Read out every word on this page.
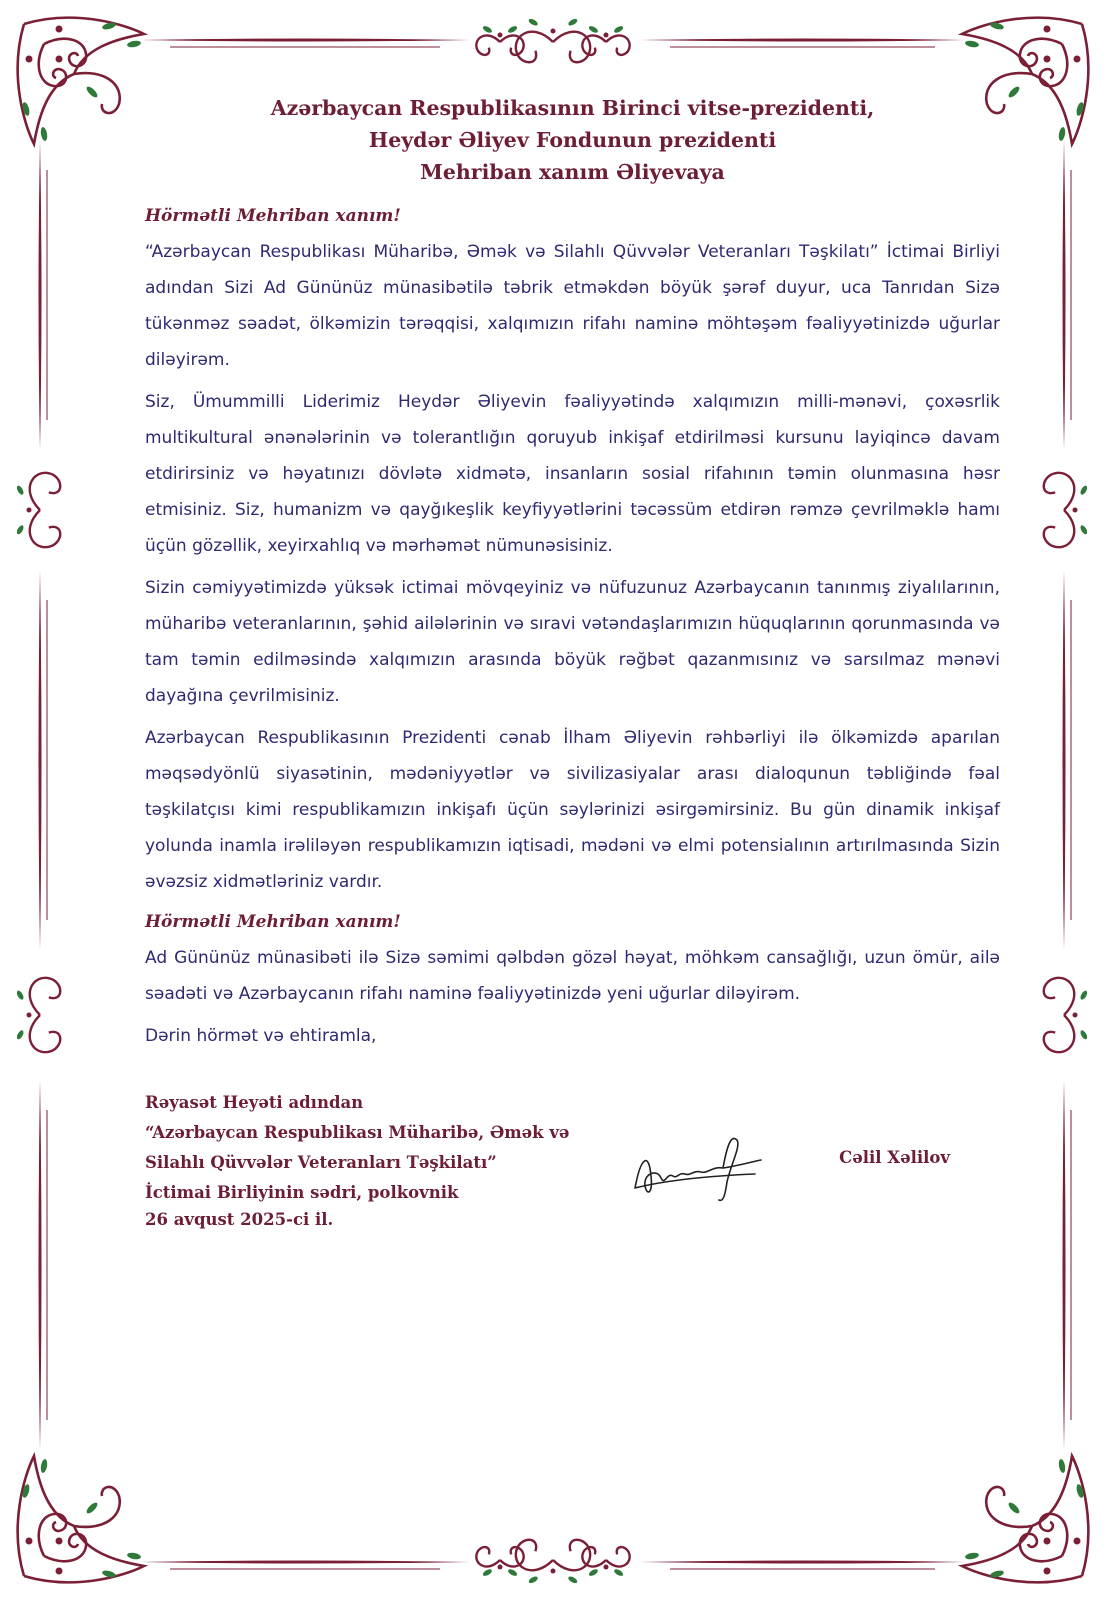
Azərbaycan Respublikasının Birinci vitse-prezidenti,
Heydər Əliyev Fondunun prezidenti
Mehriban xanım Əliyevaya
Hörmətli Mehriban xanım!

“Azərbaycan Respublikası Müharibə, Əmək və Silahlı Qüvvələr Veteranları Təşkilatı” İctimai Birliyi adından Sizi Ad Gününüz münasibətilə təbrik etməkdən böyük şərəf duyur, uca Tanrıdan Sizə tükənməz səadət, ölkəmizin tərəqqisi, xalqımızın rifahı naminə möhtəşəm fəaliyyətinizdə uğurlar diləyirəm.

Siz, Ümummilli Liderimiz Heydər Əliyevin fəaliyyətində xalqımızın milli-mənəvi, çoxəsrlik multikultural ənənələrinin və tolerantlığın qoruyub inkişaf etdirilməsi kursunu layiqincə davam etdirirsiniz və həyatınızı dövlətə xidmətə, insanların sosial rifahının təmin olunmasına həsr etmisiniz. Siz, humanizm və qayğıkeşlik keyfiyyətlərini təcəssüm etdirən rəmzə çevrilməklə hamı üçün gözəllik, xeyirxahlıq və mərhəmət nümunəsisiniz.

Sizin cəmiyyətimizdə yüksək ictimai mövqeyiniz və nüfuzunuz Azərbaycanın tanınmış ziyalılarının, müharibə veteranlarının, şəhid ailələrinin və sıravi vətəndaşlarımızın hüquqlarının qorunmasında və tam təmin edilməsində xalqımızın arasında böyük rəğbət qazanmısınız və sarsılmaz mənəvi dayağına çevrilmisiniz.

Azərbaycan Respublikasının Prezidenti cənab İlham Əliyevin rəhbərliyi ilə ölkəmizdə aparılan məqsədyönlü siyasətinin, mədəniyyətlər və sivilizasiyalar arası dialoqunun təbliğində fəal təşkilatçısı kimi respublikamızın inkişafı üçün səylərinizi əsirgəmirsiniz. Bu gün dinamik inkişaf yolunda inamla irəliləyən respublikamızın iqtisadi, mədəni və elmi potensialının artırılmasında Sizin əvəzsiz xidmətləriniz vardır.

Hörmətli Mehriban xanım!

Ad Gününüz münasibəti ilə Sizə səmimi qəlbdən gözəl həyat, möhkəm cansağlığı, uzun ömür, ailə səadəti və Azərbaycanın rifahı naminə fəaliyyətinizdə yeni uğurlar diləyirəm.

Dərin hörmət və ehtiramla,
Rəyasət Heyəti adından
“Azərbaycan Respublikası Müharibə, Əmək və
Silahlı Qüvvələr Veteranları Təşkilatı”
İctimai Birliyinin sədri, polkovnik
Cəlil Xəlilov
26 avqust 2025-ci il.
